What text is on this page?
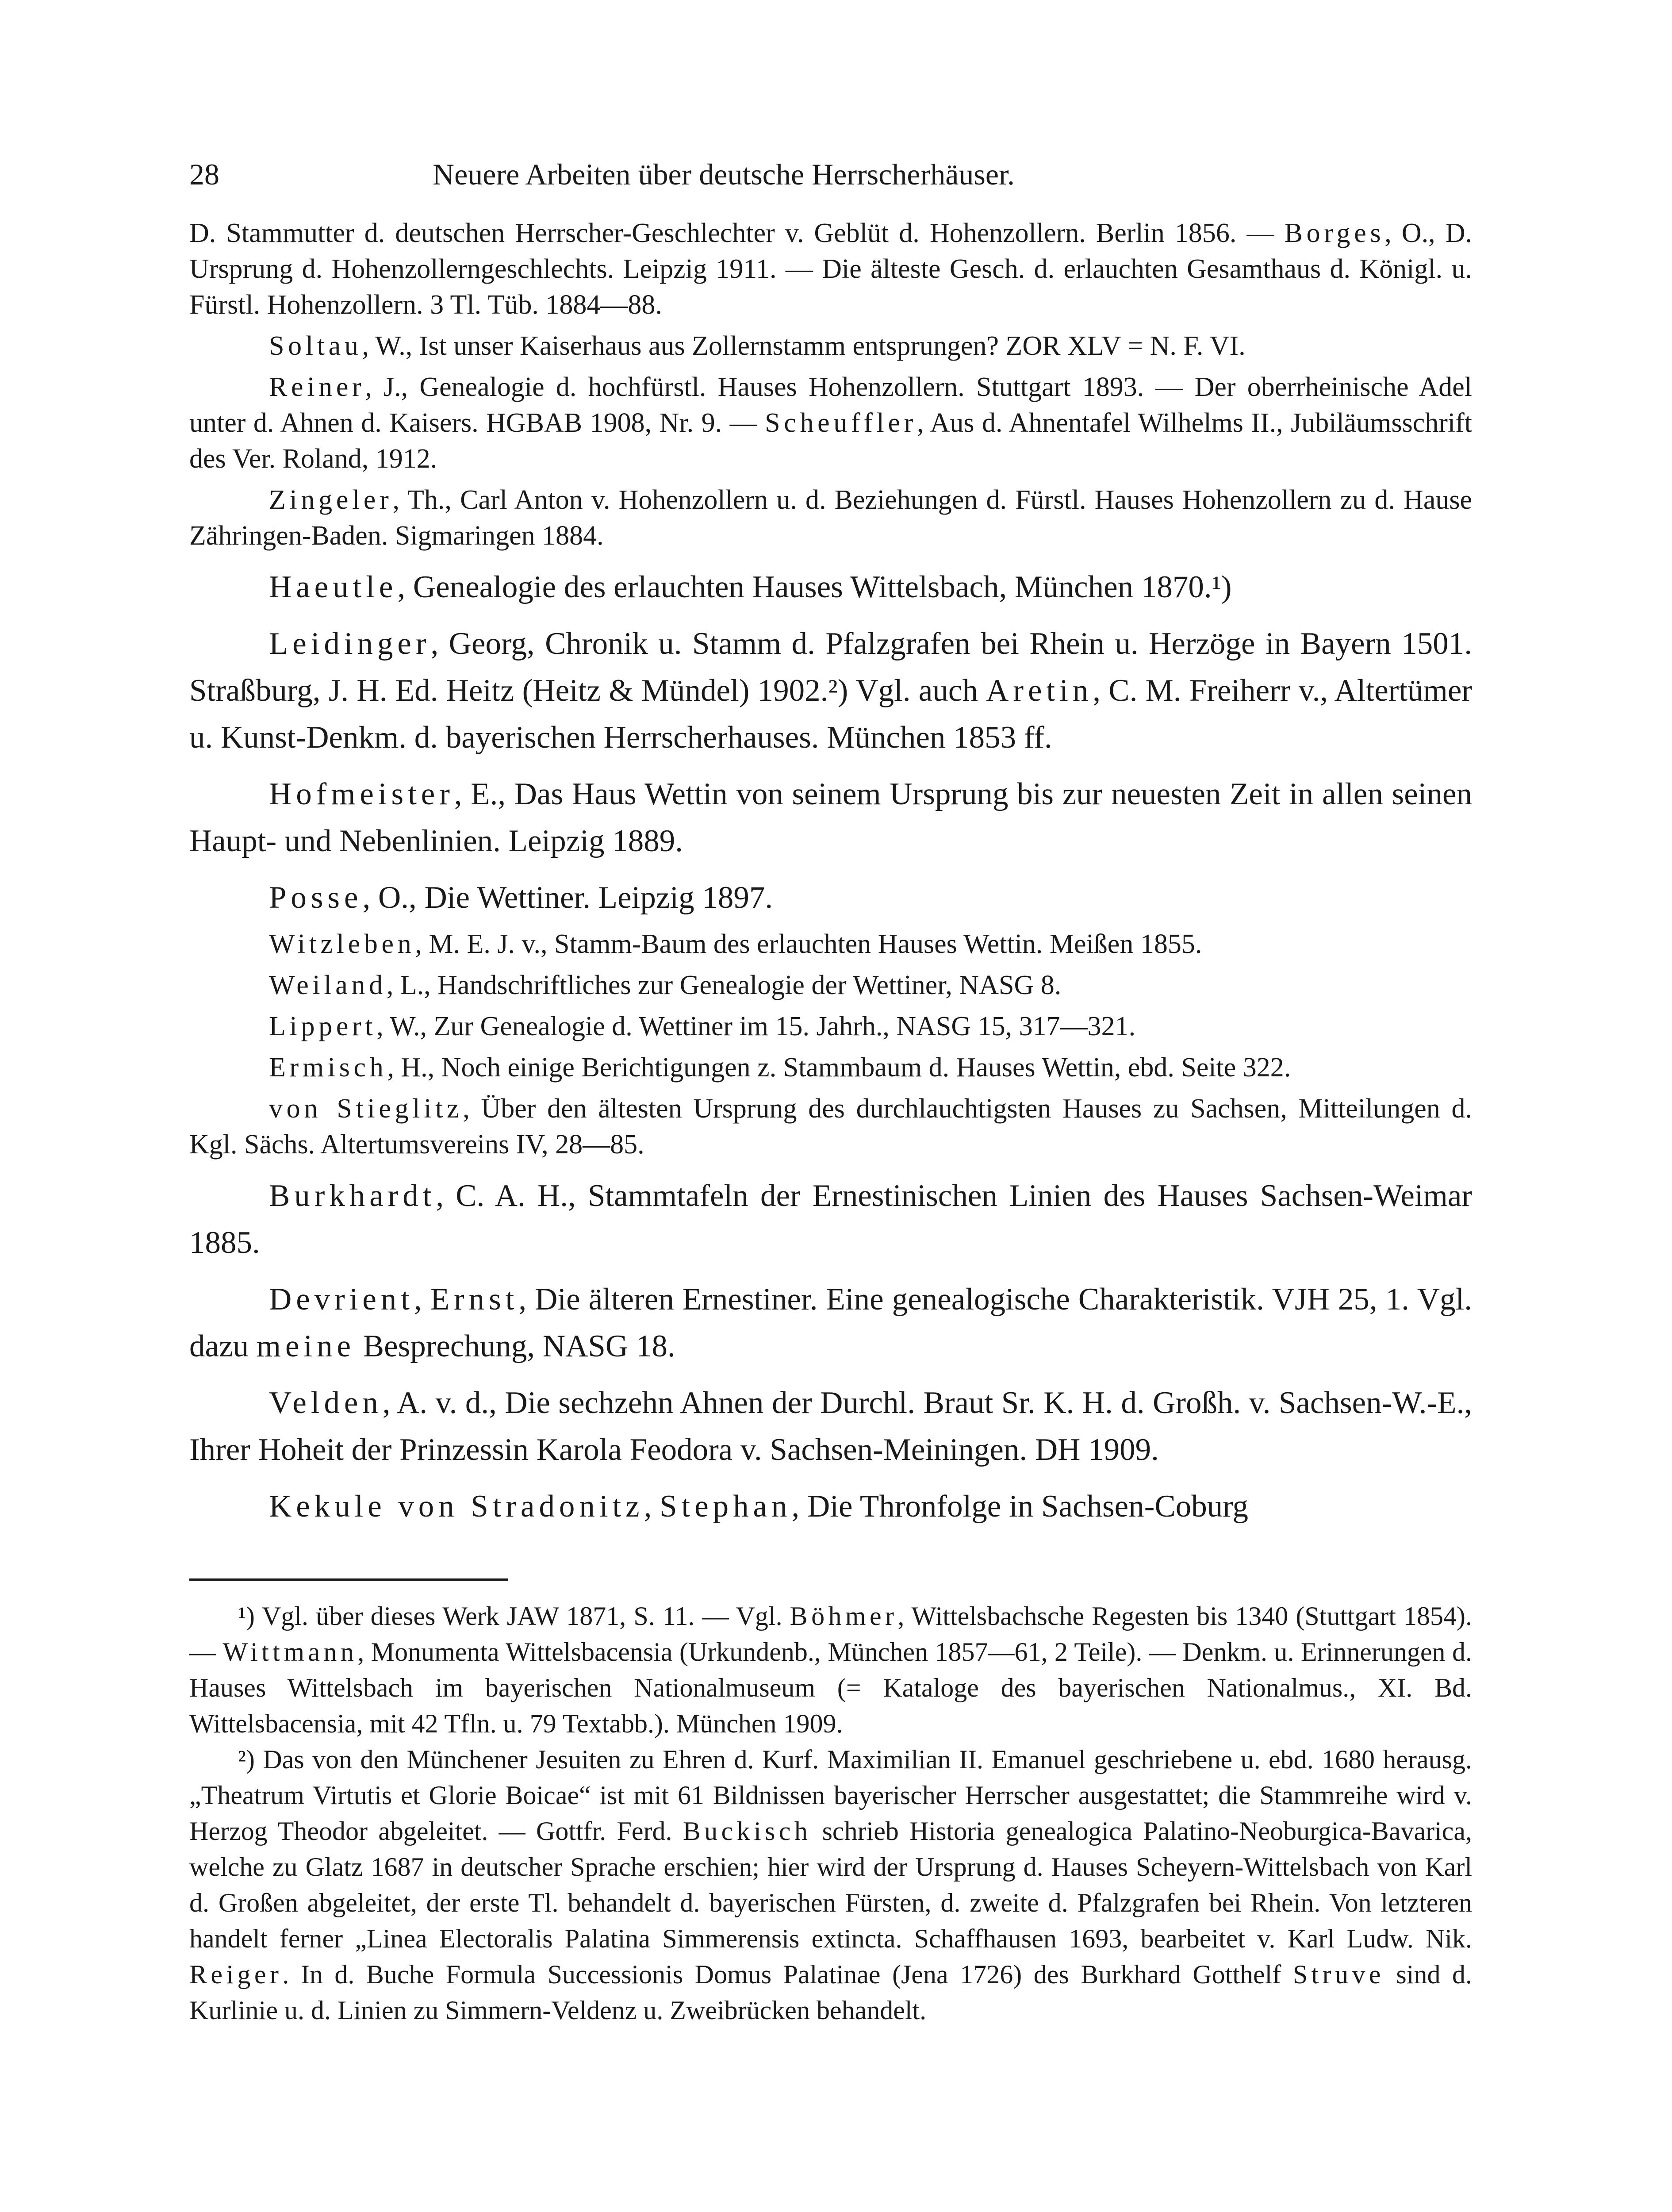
28	Neuere Arbeiten über deutsche Herrscherhäuser.

D. Stammutter d. deutschen Herrscher-Geschlechter v. Geblüt d. Hohenzollern. Berlin 1856. — Borges, O., D. Ursprung d. Hohenzollerngeschlechts. Leipzig 1911. — Die älteste Gesch. d. erlauchten Gesamthaus d. Königl. u. Fürstl. Hohenzollern. 3 Tl. Tüb. 1884—88.

Soltau, W., Ist unser Kaiserhaus aus Zollernstamm entsprungen? ZOR XLV = N. F. VI.

Reiner, J., Genealogie d. hochfürstl. Hauses Hohenzollern. Stuttgart 1893. — Der oberrheinische Adel unter d. Ahnen d. Kaisers. HGBAB 1908, Nr. 9. — Scheuffler, Aus d. Ahnentafel Wilhelms II., Jubiläumsschrift des Ver. Roland, 1912.

Zingeler, Th., Carl Anton v. Hohenzollern u. d. Beziehungen d. Fürstl. Hauses Hohenzollern zu d. Hause Zähringen-Baden. Sigmaringen 1884.

Haeutle, Genealogie des erlauchten Hauses Wittelsbach, München 1870.¹)

Leidinger, Georg, Chronik u. Stamm d. Pfalzgrafen bei Rhein u. Herzöge in Bayern 1501. Straßburg, J. H. Ed. Heitz (Heitz & Mündel) 1902.²) Vgl. auch Aretin, C. M. Freiherr v., Altertümer u. Kunst-Denkm. d. bayerischen Herrscherhauses. München 1853 ff.

Hofmeister, E., Das Haus Wettin von seinem Ursprung bis zur neuesten Zeit in allen seinen Haupt- und Nebenlinien. Leipzig 1889.

Posse, O., Die Wettiner. Leipzig 1897.

Witzleben, M. E. J. v., Stamm-Baum des erlauchten Hauses Wettin. Meißen 1855.

Weiland, L., Handschriftliches zur Genealogie der Wettiner, NASG 8.

Lippert, W., Zur Genealogie d. Wettiner im 15. Jahrh., NASG 15, 317—321.

Ermisch, H., Noch einige Berichtigungen z. Stammbaum d. Hauses Wettin, ebd. Seite 322.

von Stieglitz, Über den ältesten Ursprung des durchlauchtigsten Hauses zu Sachsen, Mitteilungen d. Kgl. Sächs. Altertumsvereins IV, 28—85.

Burkhardt, C. A. H., Stammtafeln der Ernestinischen Linien des Hauses Sachsen-Weimar 1885.

Devrient, Ernst, Die älteren Ernestiner. Eine genealogische Charakteristik. VJH 25, 1. Vgl. dazu meine Besprechung, NASG 18.

Velden, A. v. d., Die sechzehn Ahnen der Durchl. Braut Sr. K. H. d. Großh. v. Sachsen-W.-E., Ihrer Hoheit der Prinzessin Karola Feodora v. Sachsen-Meiningen. DH 1909.

Kekule von Stradonitz, Stephan, Die Thronfolge in Sachsen-Coburg

¹) Vgl. über dieses Werk JAW 1871, S. 11. — Vgl. Böhmer, Wittelsbachsche Regesten bis 1340 (Stuttgart 1854). — Wittmann, Monumenta Wittelsbacensia (Urkundenb., München 1857—61, 2 Teile). — Denkm. u. Erinnerungen d. Hauses Wittelsbach im bayerischen Nationalmuseum (= Kataloge des bayerischen Nationalmus., XI. Bd. Wittelsbacensia, mit 42 Tfln. u. 79 Textabb.). München 1909.

²) Das von den Münchener Jesuiten zu Ehren d. Kurf. Maximilian II. Emanuel geschriebene u. ebd. 1680 herausg. „Theatrum Virtutis et Glorie Boicae“ ist mit 61 Bildnissen bayerischer Herrscher ausgestattet; die Stammreihe wird v. Herzog Theodor abgeleitet. — Gottfr. Ferd. Buckisch schrieb Historia genealogica Palatino-Neoburgica-Bavarica, welche zu Glatz 1687 in deutscher Sprache erschien; hier wird der Ursprung d. Hauses Scheyern-Wittelsbach von Karl d. Großen abgeleitet, der erste Tl. behandelt d. bayerischen Fürsten, d. zweite d. Pfalzgrafen bei Rhein. Von letzteren handelt ferner „Linea Electoralis Palatina Simmerensis extincta. Schaffhausen 1693, bearbeitet v. Karl Ludw. Nik. Reiger. In d. Buche Formula Successionis Domus Palatinae (Jena 1726) des Burkhard Gotthelf Struve sind d. Kurlinie u. d. Linien zu Simmern-Veldenz u. Zweibrücken behandelt.
